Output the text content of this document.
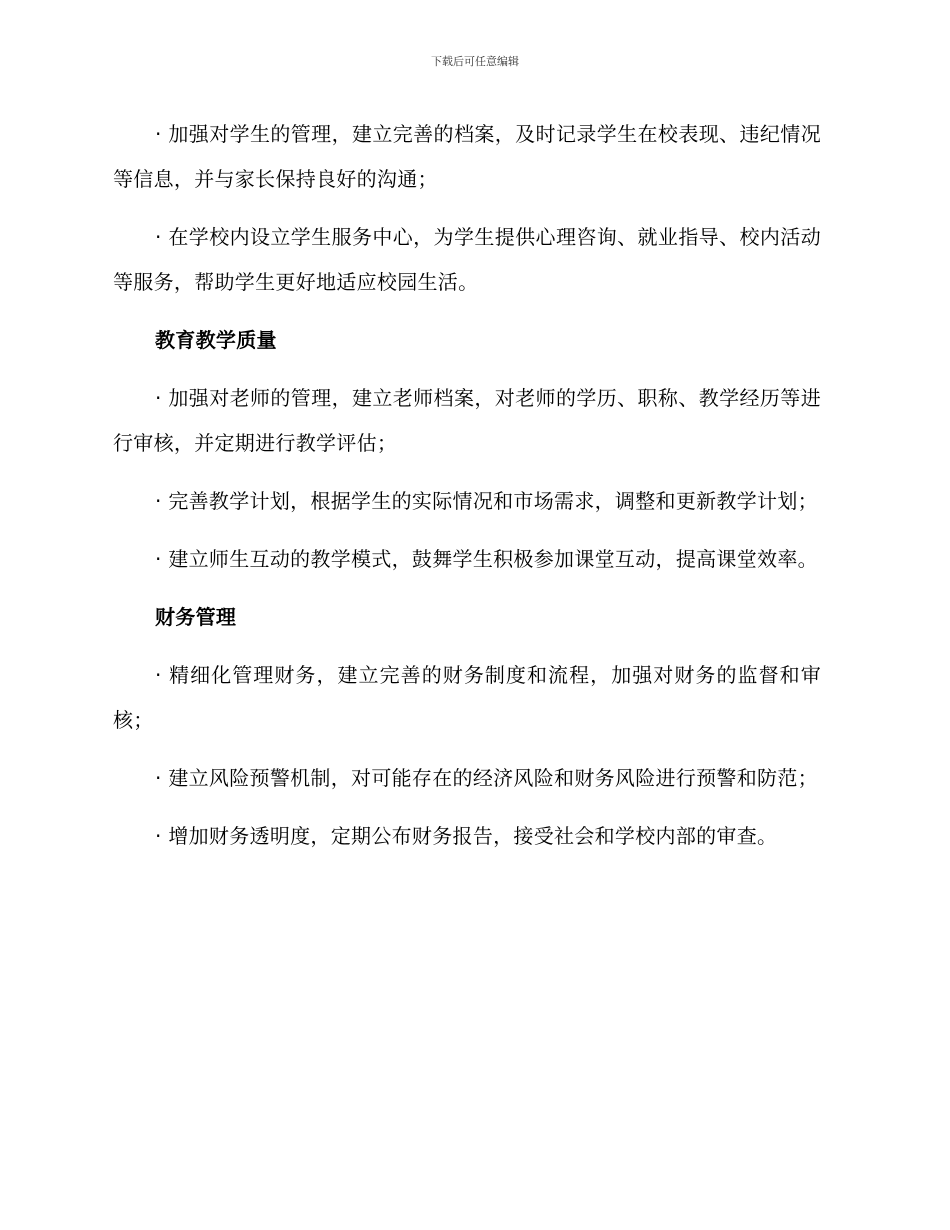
下载后可任意编辑

· 加强对学生的管理，建立完善的档案，及时记录学生在校表现、违纪情况等信息，并与家长保持良好的沟通；

· 在学校内设立学生服务中心，为学生提供心理咨询、就业指导、校内活动等服务，帮助学生更好地适应校园生活。

教育教学质量

· 加强对老师的管理，建立老师档案，对老师的学历、职称、教学经历等进行审核，并定期进行教学评估；

· 完善教学计划，根据学生的实际情况和市场需求，调整和更新教学计划；

· 建立师生互动的教学模式，鼓舞学生积极参加课堂互动，提高课堂效率。

财务管理

· 精细化管理财务，建立完善的财务制度和流程，加强对财务的监督和审核；

· 建立风险预警机制，对可能存在的经济风险和财务风险进行预警和防范；

· 增加财务透明度，定期公布财务报告，接受社会和学校内部的审查。
